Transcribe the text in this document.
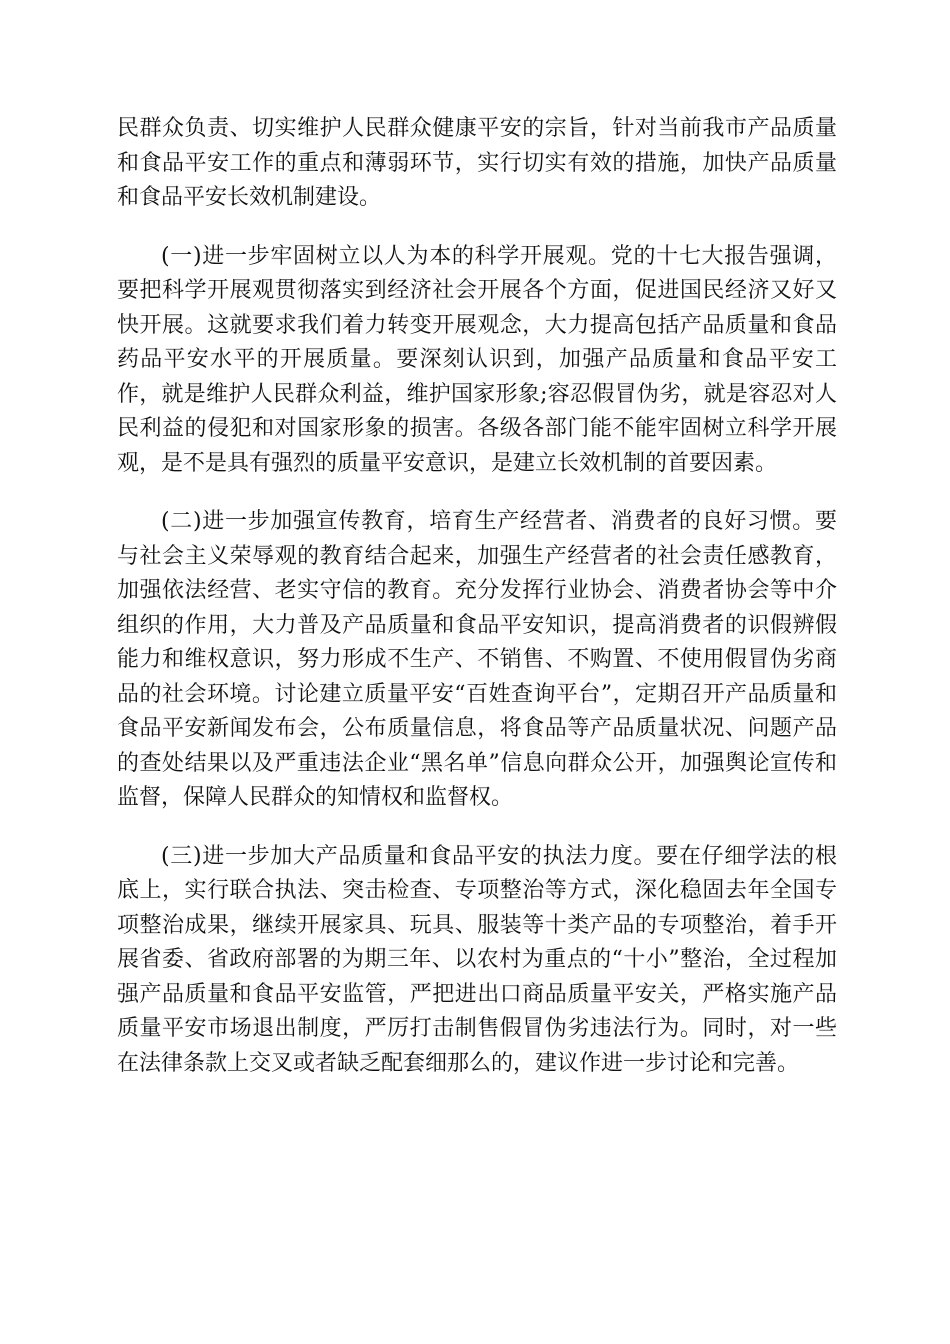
民群众负责、切实维护人民群众健康平安的宗旨，针对当前我市产品质量和食品平安工作的重点和薄弱环节，实行切实有效的措施，加快产品质量和食品平安长效机制建设。

(一)进一步牢固树立以人为本的科学开展观。党的十七大报告强调，要把科学开展观贯彻落实到经济社会开展各个方面，促进国民经济又好又快开展。这就要求我们着力转变开展观念，大力提高包括产品质量和食品药品平安水平的开展质量。要深刻认识到，加强产品质量和食品平安工作，就是维护人民群众利益，维护国家形象;容忍假冒伪劣，就是容忍对人民利益的侵犯和对国家形象的损害。各级各部门能不能牢固树立科学开展观，是不是具有强烈的质量平安意识，是建立长效机制的首要因素。

(二)进一步加强宣传教育，培育生产经营者、消费者的良好习惯。要与社会主义荣辱观的教育结合起来，加强生产经营者的社会责任感教育，加强依法经营、老实守信的教育。充分发挥行业协会、消费者协会等中介组织的作用，大力普及产品质量和食品平安知识，提高消费者的识假辨假能力和维权意识，努力形成不生产、不销售、不购置、不使用假冒伪劣商品的社会环境。讨论建立质量平安“百姓查询平台”，定期召开产品质量和食品平安新闻发布会，公布质量信息，将食品等产品质量状况、问题产品的查处结果以及严重违法企业“黑名单”信息向群众公开，加强舆论宣传和监督，保障人民群众的知情权和监督权。

(三)进一步加大产品质量和食品平安的执法力度。要在仔细学法的根底上，实行联合执法、突击检查、专项整治等方式，深化稳固去年全国专项整治成果，继续开展家具、玩具、服装等十类产品的专项整治，着手开展省委、省政府部署的为期三年、以农村为重点的“十小”整治，全过程加强产品质量和食品平安监管，严把进出口商品质量平安关，严格实施产品质量平安市场退出制度，严厉打击制售假冒伪劣违法行为。同时，对一些在法律条款上交叉或者缺乏配套细那么的，建议作进一步讨论和完善。
